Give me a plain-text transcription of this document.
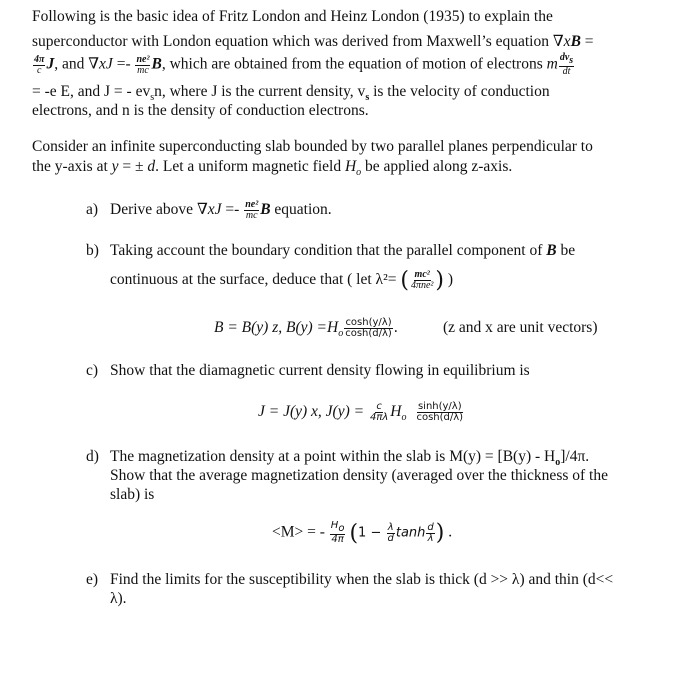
Following is the basic idea of Fritz London and Heinz London (1935) to explain the
superconductor with London equation which was derived from Maxwell’s equation ∇xB =
$\frac{4\pi}{c} J$, and $\nabla xJ =- \frac{\text{ne²}}{mc} B$, which are obtained from the equation of motion of electrons m $\frac{dv_s}{dt}$
= -e E, and J = - $ev_sn$, where J is the current density, $v_s$ is the velocity of conduction
electrons, and n is the density of conduction electrons.
Consider an infinite superconducting slab bounded by two parallel planes perpendicular to
the y-axis at y = ± d. Let a uniform magnetic field $H_o$ be applied along z-axis.
a) Derive above $\nabla xJ =- \frac{\text{ne²}}{mc}$ B equation.
b) Taking account the boundary condition that the parallel component of B be
continuous at the surface, deduce that ( let λ²= ( $\frac{\text{mc²}}{\text{4πne²}}$ ) )
B = B(y) z, $B(y) =H_o \frac{\cosh(y/\lambda)}{\cosh(d/\lambda)}$ .	(z and x are unit vectors)
c) Show that the diamagnetic current density flowing in equilibrium is
J = J(y) x, $J(y) = \frac{c}{4\pi\lambda} H_o \frac{\sinh(y/\lambda)}{\cosh(d/\lambda)}$
d) The magnetization density at a point within the slab is $M(y) = [B(y) - H_o]/4\pi$.
Show that the average magnetization density (averaged over the thickness of the
slab) is
<M> = - $\frac{H_o}{4\pi} (1 - \frac{\lambda}{d}$ $\tanh \frac{d}{\lambda}$ ) .
e) Find the limits for the susceptibility when the slab is thick (d >> λ) and thin (d<<
λ).
